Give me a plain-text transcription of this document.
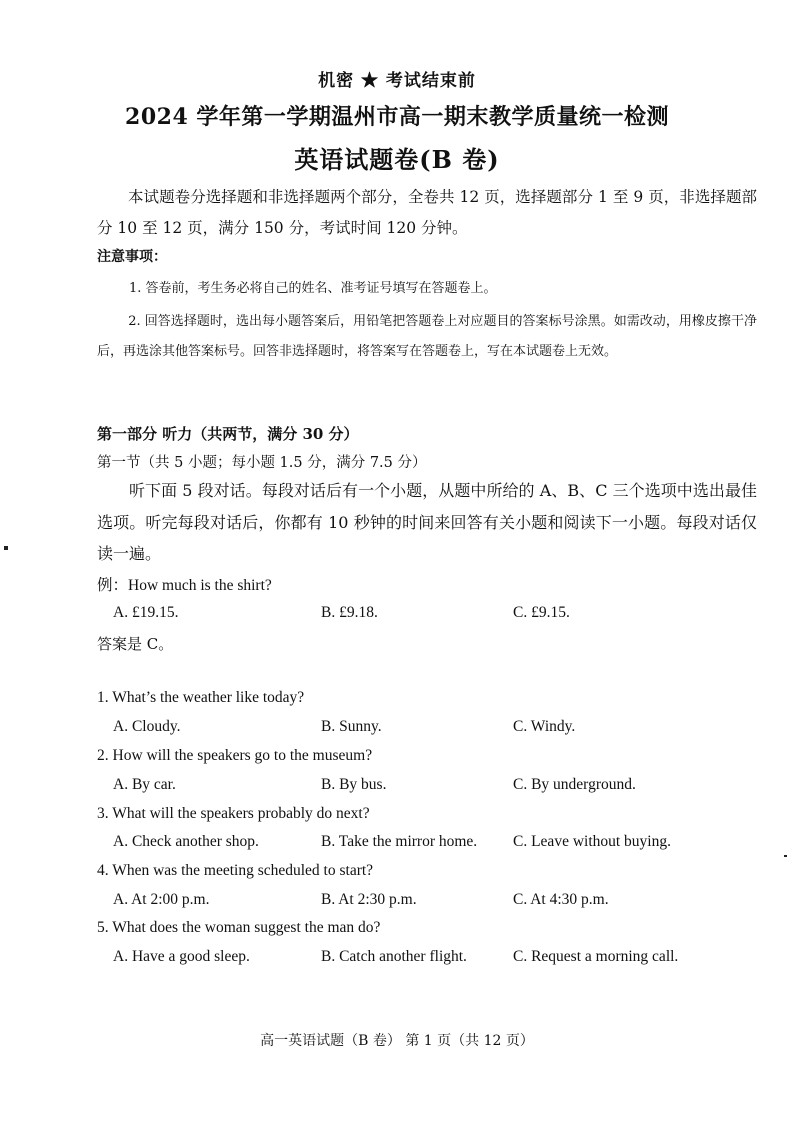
机密 ★ 考试结束前
2024 学年第一学期温州市高一期末教学质量统一检测
英语试题卷(B 卷)
本试题卷分选择题和非选择题两个部分，全卷共 12 页，选择题部分 1 至 9 页，非选择题部分 10 至 12 页，满分 150 分，考试时间 120 分钟。
注意事项：
1. 答卷前，考生务必将自己的姓名、准考证号填写在答题卷上。
2. 回答选择题时，选出每小题答案后，用铅笔把答题卷上对应题目的答案标号涂黑。如需改动，用橡皮擦干净后，再选涂其他答案标号。回答非选择题时，将答案写在答题卷上，写在本试题卷上无效。
第一部分 听力（共两节，满分 30 分）
第一节（共 5 小题；每小题 1.5 分，满分 7.5 分）
听下面 5 段对话。每段对话后有一个小题，从题中所给的 A、B、C 三个选项中选出最佳选项。听完每段对话后，你都有 10 秒钟的时间来回答有关小题和阅读下一小题。每段对话仅读一遍。
例：How much is the shirt?
A. £19.15.	B. £9.18.	C. £9.15.
答案是 C。
1. What’s the weather like today?
A. Cloudy.	B. Sunny.	C. Windy.
2. How will the speakers go to the museum?
A. By car.	B. By bus.	C. By underground.
3. What will the speakers probably do next?
A. Check another shop.	B. Take the mirror home. C. Leave without buying.
4. When was the meeting scheduled to start?
A. At 2:00 p.m.	B. At 2:30 p.m.	C. At 4:30 p.m.
5. What does the woman suggest the man do?
A. Have a good sleep.	B. Catch another flight.	C. Request a morning call.
高一英语试题（B 卷） 第 1 页（共 12 页）
